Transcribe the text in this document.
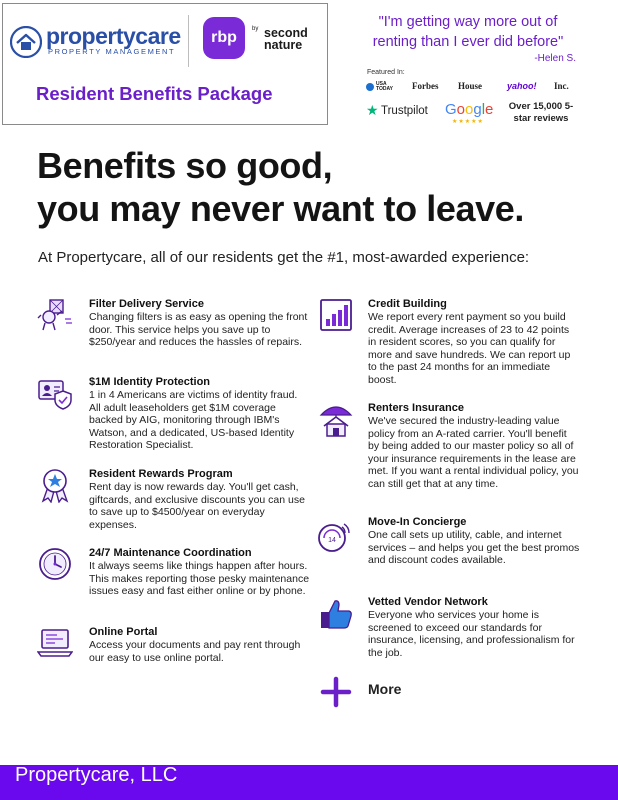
propertycare
PROPERTY MANAGEMENT
rbp	by second nature
Resident Benefits Package
"I'm getting way more out of renting than I ever did before"
-Helen S.
Featured In:
USA TODAY	Forbes House	yahoo! Inc.
★ Trustpilot Google
★★★★★
Over 15,000 5-star reviews
Benefits so good,
you may never want to leave.
At Propertycare, all of our residents get the #1, most-awarded experience:
Filter Delivery Service
Changing filters is as easy as opening the front door. This service helps you save up to $250/year and reduces the hassles of repairs.
$1M Identity Protection
1 in 4 Americans are victims of identity fraud. All adult leaseholders get $1M coverage backed by AIG, monitoring through IBM's Watson, and a dedicated, US-based Identity Restoration Specialist.
Resident Rewards Program
Rent day is now rewards day. You'll get cash, giftcards, and exclusive discounts you can use to save up to $4500/year on everyday expenses.
24/7 Maintenance Coordination
It always seems like things happen after hours. This makes reporting those pesky maintenance issues easy and fast either online or by phone.
Online Portal
Access your documents and pay rent through our easy to use online portal.
Credit Building
We report every rent payment so you build credit. Average increases of 23 to 42 points in resident scores, so you can qualify for more and save hundreds. We can report up to the past 24 months for an immediate boost.
Renters Insurance
We've secured the industry-leading value policy from an A-rated carrier. You'll benefit by being added to our master policy so all of your insurance requirements in the lease are met. If you want a rental individual policy, you can still get that at any time.
14
Move-In Concierge
One call sets up utility, cable, and internet services – and helps you get the best promos and discount codes available.
Vetted Vendor Network
Everyone who services your home is screened to exceed our standards for insurance, licensing, and professionalism for the job.
More
Propertycare, LLC
